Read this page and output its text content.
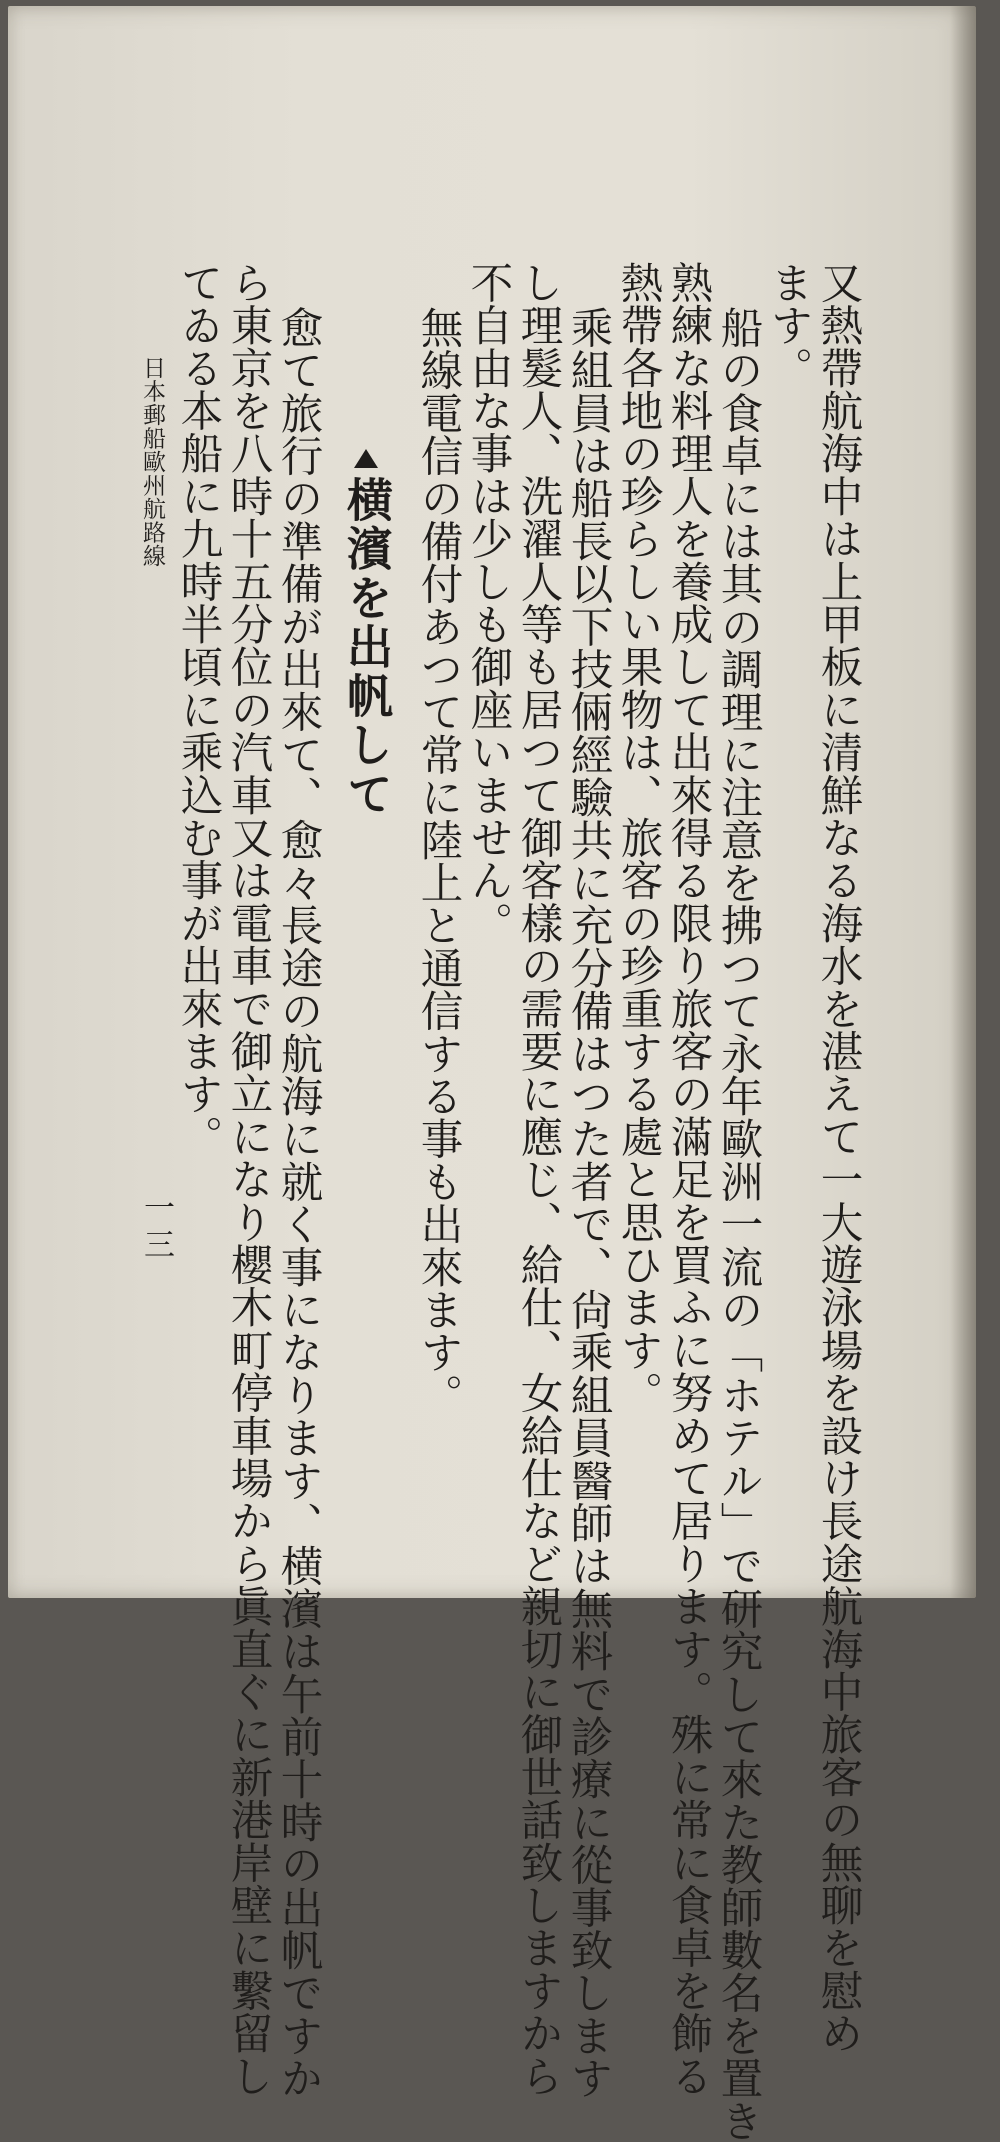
又熱帶航海中は上甲板に清鮮なる海水を湛えて一大遊泳場を設け長途航海中旅客の無聊を慰め
ます。
船の食卓には其の調理に注意を拂つて永年歐洲一流の「ホテル」で研究して來た教師數名を置き
熟練な料理人を養成して出來得る限り旅客の滿足を買ふに努めて居ります。殊に常に食卓を飾る
熱帶各地の珍らしい果物は、旅客の珍重する處と思ひます。
乘組員は船長以下技倆經驗共に充分備はつた者で、尙乘組員醫師は無料で診療に從事致します
し理髮人、洗濯人等も居つて御客樣の需要に應じ、給仕、女給仕など親切に御世話致しますから
不自由な事は少しも御座いません。
無線電信の備付あつて常に陸上と通信する事も出來ます。
横濱を出帆して
愈て旅行の準備が出來て、愈々長途の航海に就く事になります、横濱は午前十時の出帆ですか
ら東京を八時十五分位の汽車又は電車で御立になり櫻木町停車場から眞直ぐに新港岸壁に繫留し
てゐる本船に九時半頃に乘込む事が出來ます。
日本郵船歐州航路線
一三
